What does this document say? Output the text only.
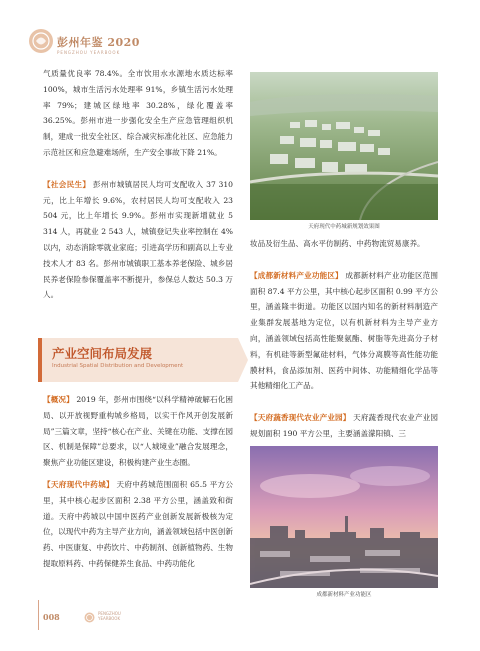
彭州年鉴 2020
PENGZHOU YEARBOOK

气质量优良率 78.4%。全市饮用水水源地水质达标率 100%，城市生活污水处理率 91%，乡镇生活污水处理率 79%；建城区绿地率 30.28%，绿化覆盖率 36.25%。彭州市进一步强化安全生产应急管理组织机制，建成一批安全社区、综合减灾标准化社区、应急能力示范社区和应急避难场所，生产安全事故下降 21%。

【社会民生】 彭州市城镇居民人均可支配收入 37 310 元，比上年增长 9.6%，农村居民人均可支配收入 23 504 元，比上年增长 9.9%。彭州市实现新增就业 5 314 人，再就业 2 543 人，城镇登记失业率控制在 4%以内，动态消除零就业家庭；引进高学历和副高以上专业技术人才 83 名。彭州市城镇职工基本养老保险、城乡居民养老保险参保覆盖率不断提升，参保总人数达 50.3 万人。

产业空间布局发展
Industrial Spatial Distribution and Development

【概况】 2019 年，彭州市围绕“以科学精神破解石化困局、以开放视野重构城乡格局，以实干作风开创发展新局”三篇文章，坚持“核心在产业、关键在功能、支撑在园区、机制是保障”总要求，以“人城境业”融合发展理念，聚焦产业功能区建设，积极构建产业生态圈。

【天府现代中药城】 天府中药城范围面积 65.5 平方公里，其中核心起步区面积 2.38 平方公里，涵盖致和街道。天府中药城以中国中医药产业创新发展新极核为定位，以现代中药为主导产业方向，涵盖领域包括中医创新药、中医康复、中药饮片、中药制剂、创新植物药、生物提取原料药、中药保健养生食品、中药功能化

天府现代中药城新规划效果图

妆品及衍生品、高水平仿制药、中药物流贸易康养。

【成都新材料产业功能区】 成都新材料产业功能区范围面积 87.4 平方公里，其中核心起步区面积 0.99 平方公里，涵盖隆丰街道。功能区以国内知名的新材料制造产业集群发展基地为定位，以有机新材料为主导产业方向，涵盖领域包括高性能聚氨酯、树脂等先进高分子材料，有机硅等新型氟硅材料，气体分离膜等高性能功能膜材料，食品添加剂、医药中间体、功能精细化学品等其他精细化工产品。

【天府蔬香现代农业产业园】 天府蔬香现代农业产业园规划面积 190 平方公里，主要涵盖濛阳镇、三

成都新材料产业功能区
008	PENGZHOU
YEARBOOK
